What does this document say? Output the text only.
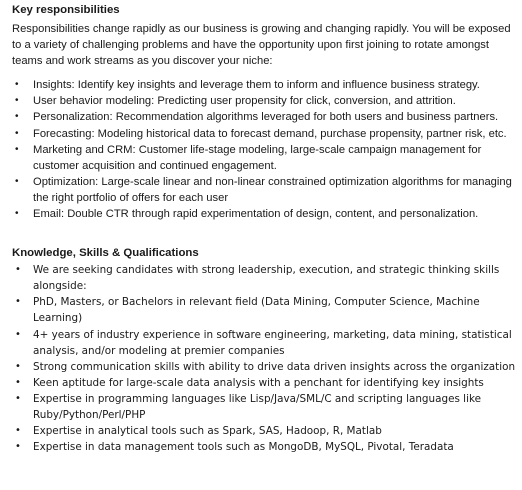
Key responsibilities

Responsibilities change rapidly as our business is growing and changing rapidly. You will be exposed to a variety of challenging problems and have the opportunity upon first joining to rotate amongst teams and work streams as you discover your niche:

• Insights: Identify key insights and leverage them to inform and influence business strategy.
• User behavior modeling: Predicting user propensity for click, conversion, and attrition.
• Personalization: Recommendation algorithms leveraged for both users and business partners.
• Forecasting: Modeling historical data to forecast demand, purchase propensity, partner risk, etc.
• Marketing and CRM: Customer life-stage modeling, large-scale campaign management for customer acquisition and continued engagement.
• Optimization: Large-scale linear and non-linear constrained optimization algorithms for managing the right portfolio of offers for each user
• Email: Double CTR through rapid experimentation of design, content, and personalization.
Knowledge, Skills & Qualifications
• We are seeking candidates with strong leadership, execution, and strategic thinking skills alongside:
• PhD, Masters, or Bachelors in relevant field (Data Mining, Computer Science, Machine Learning)
• 4+ years of industry experience in software engineering, marketing, data mining, statistical analysis, and/or modeling at premier companies
• Strong communication skills with ability to drive data driven insights across the organization
• Keen aptitude for large-scale data analysis with a penchant for identifying key insights
• Expertise in programming languages like Lisp/Java/SML/C and scripting languages like Ruby/Python/Perl/PHP
• Expertise in analytical tools such as Spark, SAS, Hadoop, R, Matlab
• Expertise in data management tools such as MongoDB, MySQL, Pivotal, Teradata
